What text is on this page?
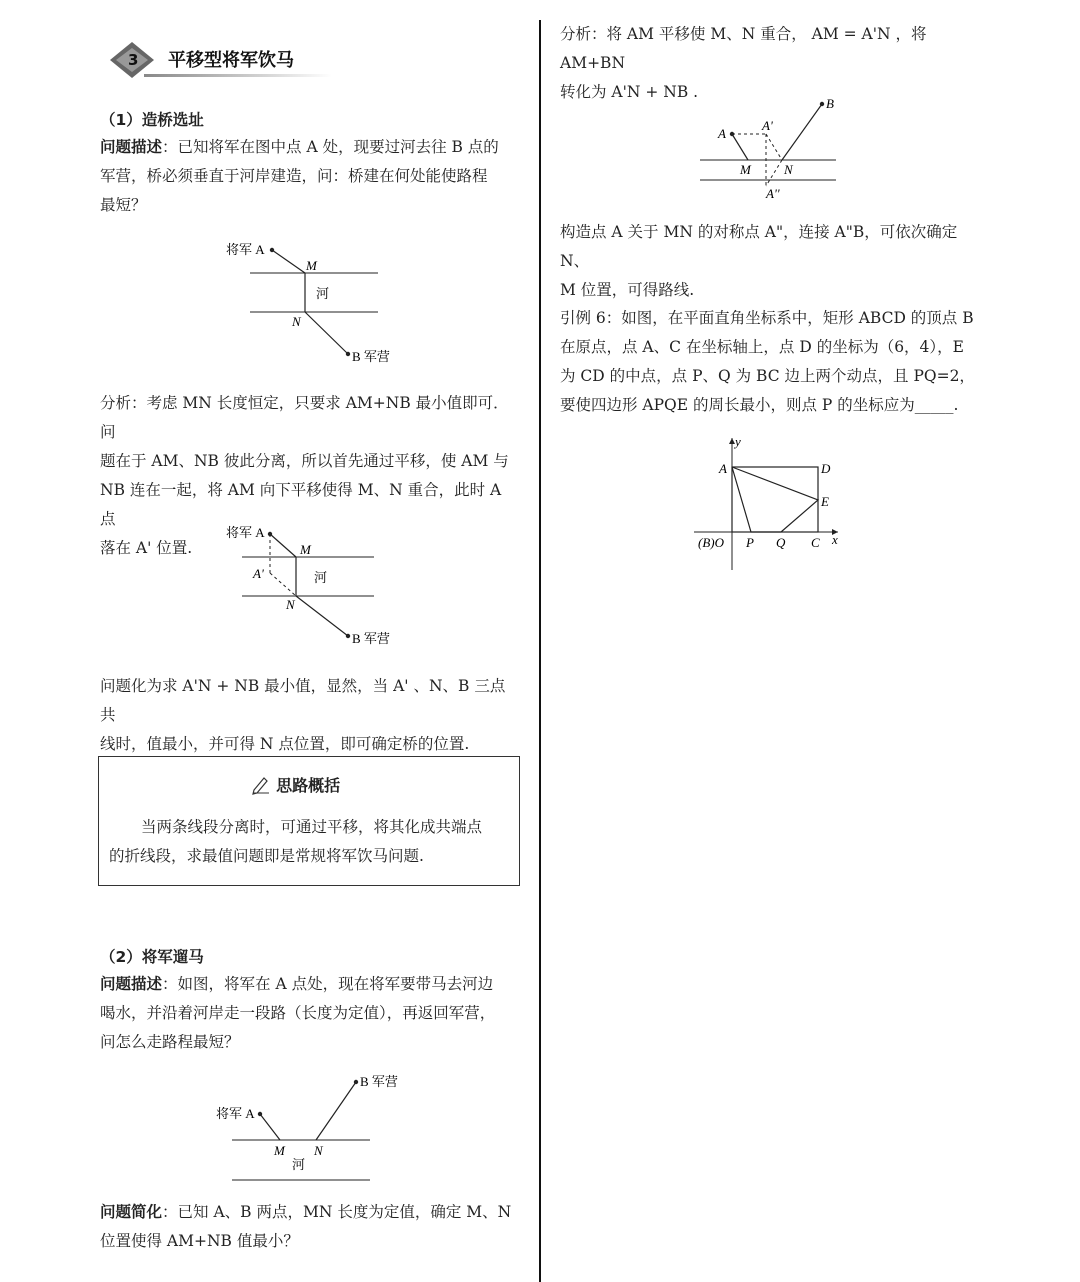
3 平移型将军饮马
（1）造桥选址
问题描述：已知将军在图中点 A 处，现要过河去往 B 点的
军营，桥必须垂直于河岸建造，问：桥建在何处能使路程
最短？
将军 A
M
河
N
B 军营
分析：考虑 MN 长度恒定，只要求 AM+NB 最小值即可．问
题在于 AM、NB 彼此分离，所以首先通过平移，使 AM 与
NB 连在一起，将 AM 向下平移使得 M、N 重合，此时 A 点
落在 A' 位置.
将军 A
M
A'	河
N
B 军营
问题化为求 A'N + NB 最小值，显然，当 A' 、N、B 三点共
线时，值最小，并可得 N 点位置，即可确定桥的位置.
思路概括
当两条线段分离时，可通过平移，将其化成共端点
的折线段，求最值问题即是常规将军饮马问题.
（2）将军遛马
问题描述：如图，将军在 A 点处，现在将军要带马去河边
喝水，并沿着河岸走一段路（长度为定值），再返回军营，
问怎么走路程最短？
将军 A
B 军营
M N
河
问题简化：已知 A、B 两点，MN 长度为定值，确定 M、N
位置使得 AM+NB 值最小？
分析：将 AM 平移使 M、N 重合， AM = A'N ，将 AM+BN
转化为 A'N + NB .
A
A'
B
M	N
A''
构造点 A 关于 MN 的对称点 A"，连接 A"B，可依次确定 N、
M 位置，可得路线.
引例 6：如图，在平面直角坐标系中，矩形 ABCD 的顶点 B
在原点，点 A、C 在坐标轴上，点 D 的坐标为（6，4），E
为 CD 的中点，点 P、Q 为 BC 边上两个动点，且 PQ=2，
要使四边形 APQE 的周长最小，则点 P 的坐标应为_____.
y
x
A	D
E
(B)O P Q C
